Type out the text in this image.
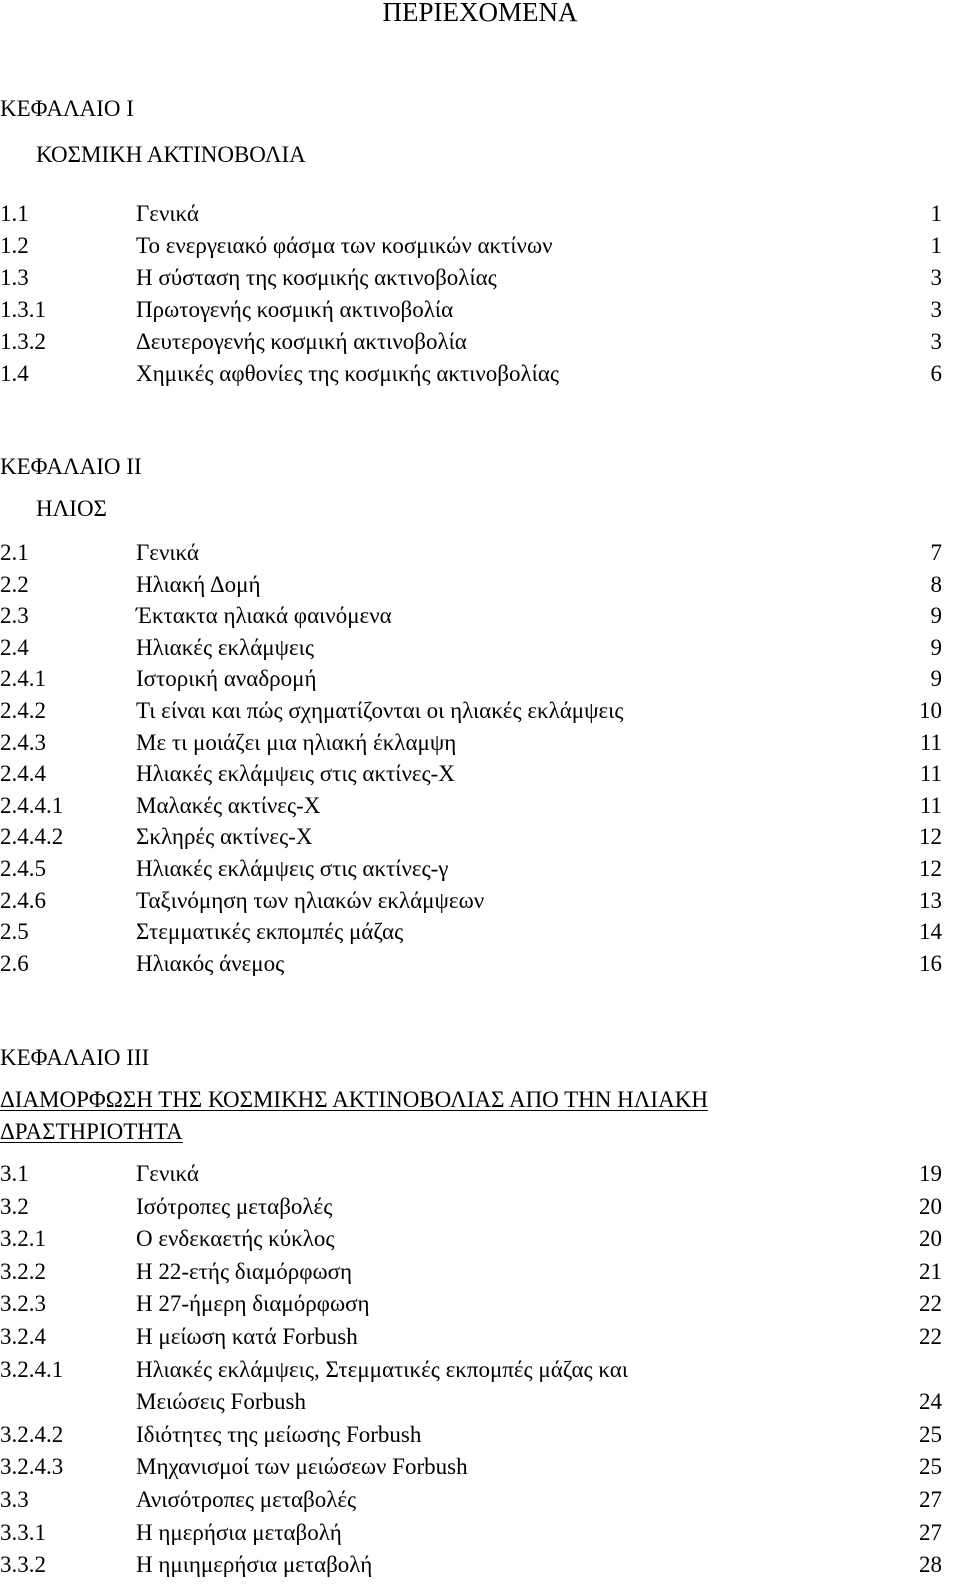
ΠΕΡΙΕΧΟΜΕΝΑ
ΚΕΦΑΛΑΙΟ Ι
ΚΟΣΜΙΚΗ ΑΚΤΙΝΟΒΟΛΙΑ
1.1	Γενικά	1
1.2	Το ενεργειακό φάσμα των κοσμικών ακτίνων	1
1.3	Η σύσταση της κοσμικής ακτινοβολίας	3
1.3.1	Πρωτογενής κοσμική ακτινοβολία	3
1.3.2	Δευτερογενής κοσμική ακτινοβολία	3
1.4	Χημικές αφθονίες της κοσμικής ακτινοβολίας	6
ΚΕΦΑΛΑΙΟ ΙΙ
ΗΛΙΟΣ
2.1	Γενικά	7
2.2	Ηλιακή Δομή	8
2.3	Έκτακτα ηλιακά φαινόμενα	9
2.4	Ηλιακές εκλάμψεις	9
2.4.1	Ιστορική αναδρομή	9
2.4.2	Τι είναι και πώς σχηματίζονται οι ηλιακές εκλάμψεις	10
2.4.3	Με τι μοιάζει μια ηλιακή έκλαμψη	11
2.4.4	Ηλιακές εκλάμψεις στις ακτίνες-Χ	11
2.4.4.1	Μαλακές ακτίνες-Χ	11
2.4.4.2	Σκληρές ακτίνες-Χ	12
2.4.5	Ηλιακές εκλάμψεις στις ακτίνες-γ	12
2.4.6	Ταξινόμηση των ηλιακών εκλάμψεων	13
2.5	Στεμματικές εκπομπές μάζας	14
2.6	Ηλιακός άνεμος	16
ΚΕΦΑΛΑΙΟ ΙΙΙ
ΔΙΑΜΟΡΦΩΣΗ ΤΗΣ ΚΟΣΜΙΚΗΣ ΑΚΤΙΝΟΒΟΛΙΑΣ ΑΠΟ ΤΗΝ ΗΛΙΑΚΗ
ΔΡΑΣΤΗΡΙΟΤΗΤΑ
3.1	Γενικά	19
3.2	Ισότροπες μεταβολές	20
3.2.1	Ο ενδεκαετής κύκλος	20
3.2.2	Η 22-ετής διαμόρφωση	21
3.2.3	Η 27-ήμερη διαμόρφωση	22
3.2.4	Η μείωση κατά Forbush	22
3.2.4.1	Ηλιακές εκλάμψεις, Στεμματικές εκπομπές μάζας και
Μειώσεις Forbush	24
3.2.4.2	Ιδιότητες της μείωσης Forbush	25
3.2.4.3	Μηχανισμοί των μειώσεων Forbush	25
3.3	Ανισότροπες μεταβολές	27
3.3.1	Η ημερήσια μεταβολή	27
3.3.2	Η ημιημερήσια μεταβολή	28
